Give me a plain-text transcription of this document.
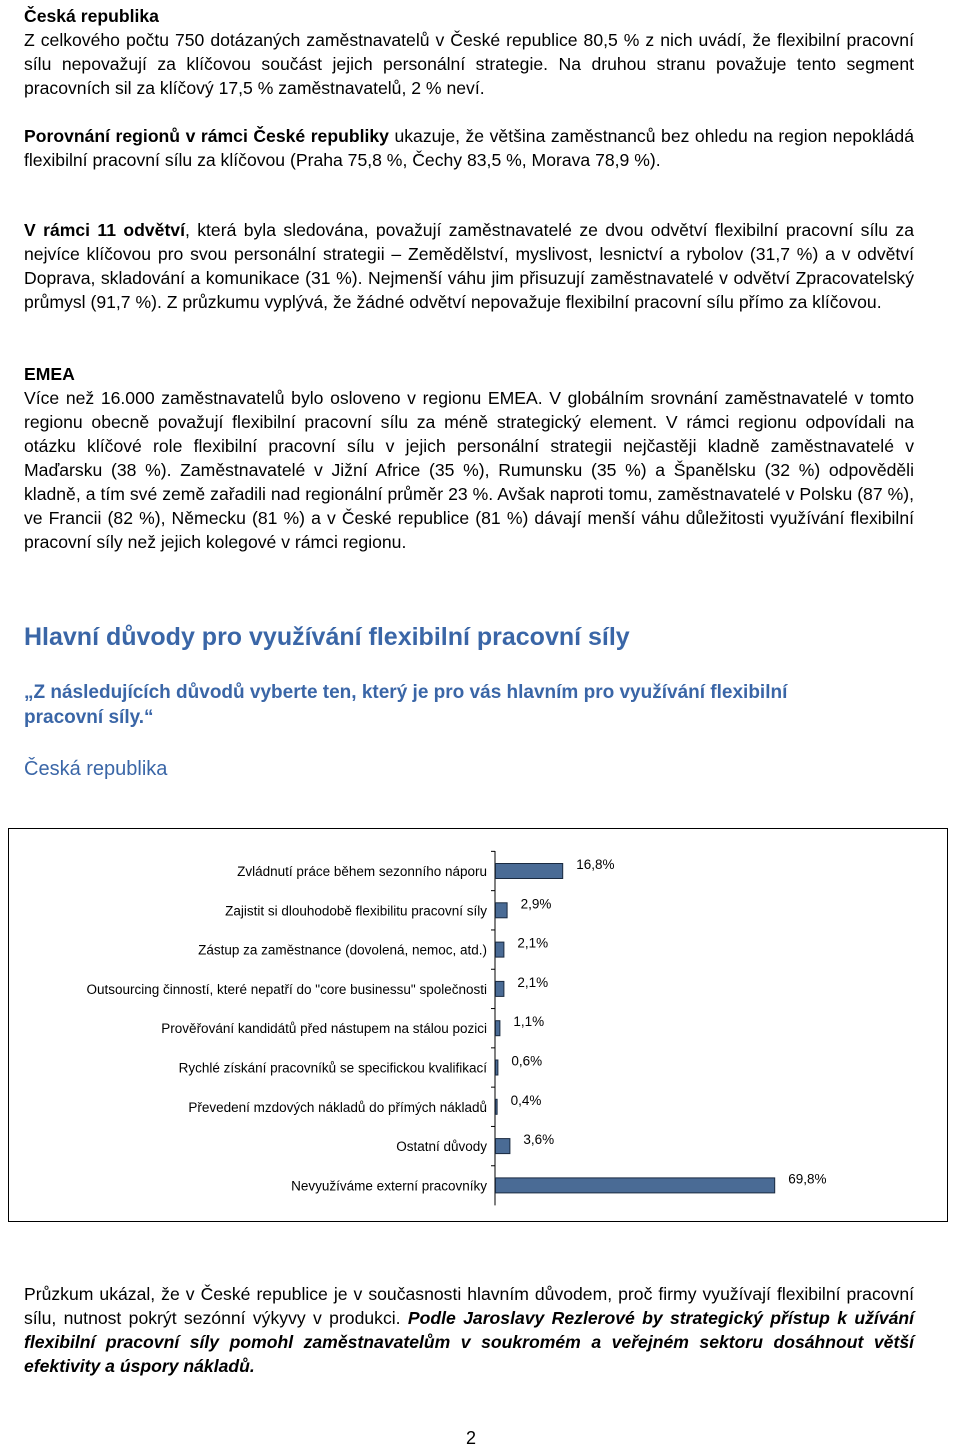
Česká republika

Z celkového počtu 750 dotázaných zaměstnavatelů v České republice 80,5 % z nich uvádí, že flexibilní pracovní sílu nepovažují za klíčovou součást jejich personální strategie. Na druhou stranu považuje tento segment pracovních sil za klíčový 17,5 % zaměstnavatelů, 2 % neví.

Porovnání regionů v rámci České republiky ukazuje, že většina zaměstnanců bez ohledu na region nepokládá flexibilní pracovní sílu za klíčovou (Praha 75,8 %, Čechy 83,5 %, Morava 78,9 %).

V rámci 11 odvětví, která byla sledována, považují zaměstnavatelé ze dvou odvětví flexibilní pracovní sílu za nejvíce klíčovou pro svou personální strategii – Zemědělství, myslivost, lesnictví a rybolov (31,7 %) a v odvětví Doprava, skladování a komunikace (31 %). Nejmenší váhu jim přisuzují zaměstnavatelé v odvětví Zpracovatelský průmysl (91,7 %). Z průzkumu vyplývá, že žádné odvětví nepovažuje flexibilní pracovní sílu přímo za klíčovou.

EMEA

Více než 16.000 zaměstnavatelů bylo osloveno v regionu EMEA. V globálním srovnání zaměstnavatelé v tomto regionu obecně považují flexibilní pracovní sílu za méně strategický element. V rámci regionu odpovídali na otázku klíčové role flexibilní pracovní sílu v jejich personální strategii nejčastěji kladně zaměstnavatelé v Maďarsku (38 %). Zaměstnavatelé v Jižní Africe (35 %), Rumunsku (35 %) a Španělsku (32 %) odpověděli kladně, a tím své země zařadili nad regionální průměr 23 %. Avšak naproti tomu, zaměstnavatelé v Polsku (87 %), ve Francii (82 %), Německu (81 %) a v České republice (81 %) dávají menší váhu důležitosti využívání flexibilní pracovní síly než jejich kolegové v rámci regionu.

Hlavní důvody pro využívání flexibilní pracovní síly

„Z následujících důvodů vyberte ten, který je pro vás hlavním pro využívání flexibilní pracovní síly.“

Česká republika

Zvládnutí práce během sezonního náporu	16,8%
Zajistit si dlouhodobě flexibilitu pracovní síly 2,9%
Zástup za zaměstnance (dovolená, nemoc, atd.) 2,1%
Outsourcing činností, které nepatří do "core businessu" společnosti 2,1%
Prověřování kandidátů před nástupem na stálou pozici 1,1%
Rychlé získání pracovníků se specifickou kvalifikací 0,6%
Převedení mzdových nákladů do přímých nákladů 0,4%
Ostatní důvody	3,6%
Nevyužíváme externí pracovníky	69,8%

Průzkum ukázal, že v České republice je v současnosti hlavním důvodem, proč firmy využívají flexibilní pracovní sílu, nutnost pokrýt sezónní výkyvy v produkci. Podle Jaroslavy Rezlerové by strategický přístup k užívání flexibilní pracovní síly pomohl zaměstnavatelům v soukromém a veřejném sektoru dosáhnout větší efektivity a úspory nákladů.

2
